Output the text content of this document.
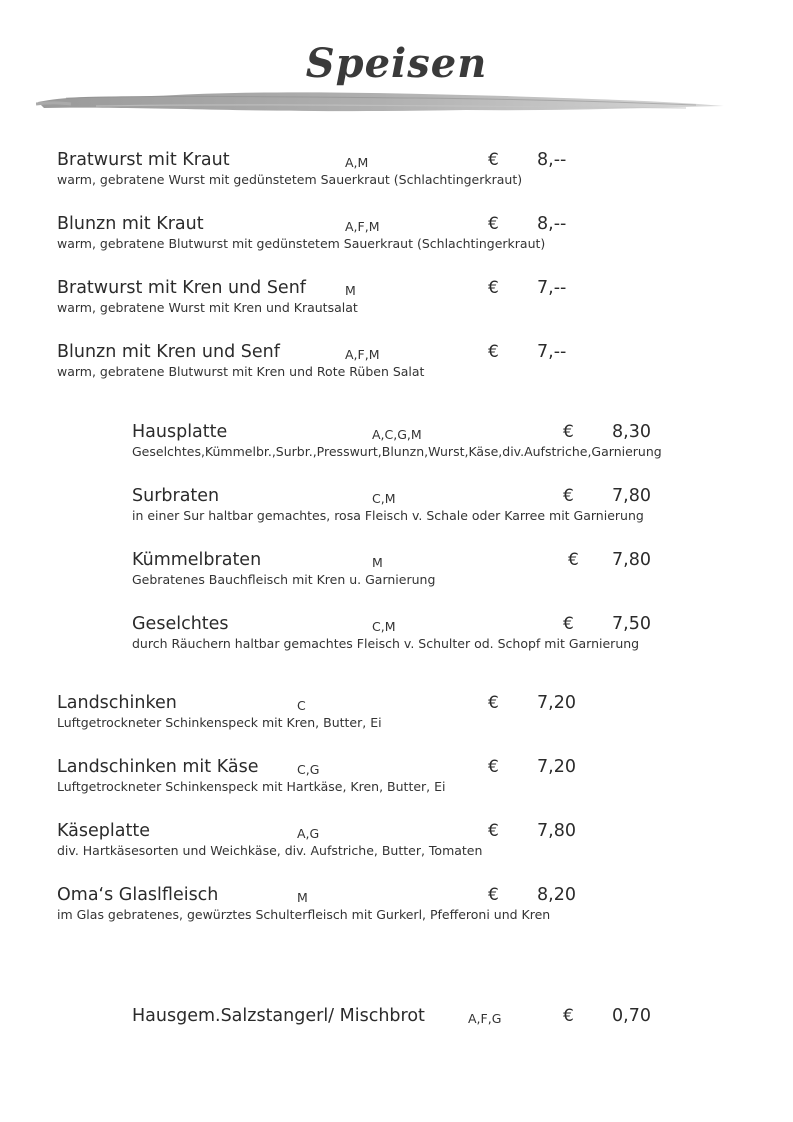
Speisen
Bratwurst mit Kraut	A,M	€ 8,--
warm, gebratene Wurst mit gedünstetem Sauerkraut (Schlachtingerkraut)
Blunzn mit Kraut	A,F,M	€ 8,--
warm, gebratene Blutwurst mit gedünstetem Sauerkraut (Schlachtingerkraut)
Bratwurst mit Kren und Senf	M	€ 7,--
warm, gebratene Wurst mit Kren und Krautsalat
Blunzn mit Kren und Senf	A,F,M	€ 7,--
warm, gebratene Blutwurst mit Kren und Rote Rüben Salat
Hausplatte	A,C,G,M	€ 8,30
Geselchtes,Kümmelbr.,Surbr.,Presswurt,Blunzn,Wurst,Käse,div.Aufstriche,Garnierung
Surbraten	C,M	€ 7,80
in einer Sur haltbar gemachtes, rosa Fleisch v. Schale oder Karree mit Garnierung
Kümmelbraten	M	€ 7,80
Gebratenes Bauchfleisch mit Kren u. Garnierung
Geselchtes	C,M	€ 7,50
durch Räuchern haltbar gemachtes Fleisch v. Schulter od. Schopf mit Garnierung
Landschinken	C	€ 7,20
Luftgetrockneter Schinkenspeck mit Kren, Butter, Ei
Landschinken mit Käse	C,G	€ 7,20
Luftgetrockneter Schinkenspeck mit Hartkäse, Kren, Butter, Ei
Käseplatte	A,G	€ 7,80
div. Hartkäsesorten und Weichkäse, div. Aufstriche, Butter, Tomaten
Oma‘s Glaslfleisch	M	€ 8,20
im Glas gebratenes, gewürztes Schulterfleisch mit Gurkerl, Pfefferoni und Kren
Hausgem.Salzstangerl/ Mischbrot	A,F,G	€ 0,70
